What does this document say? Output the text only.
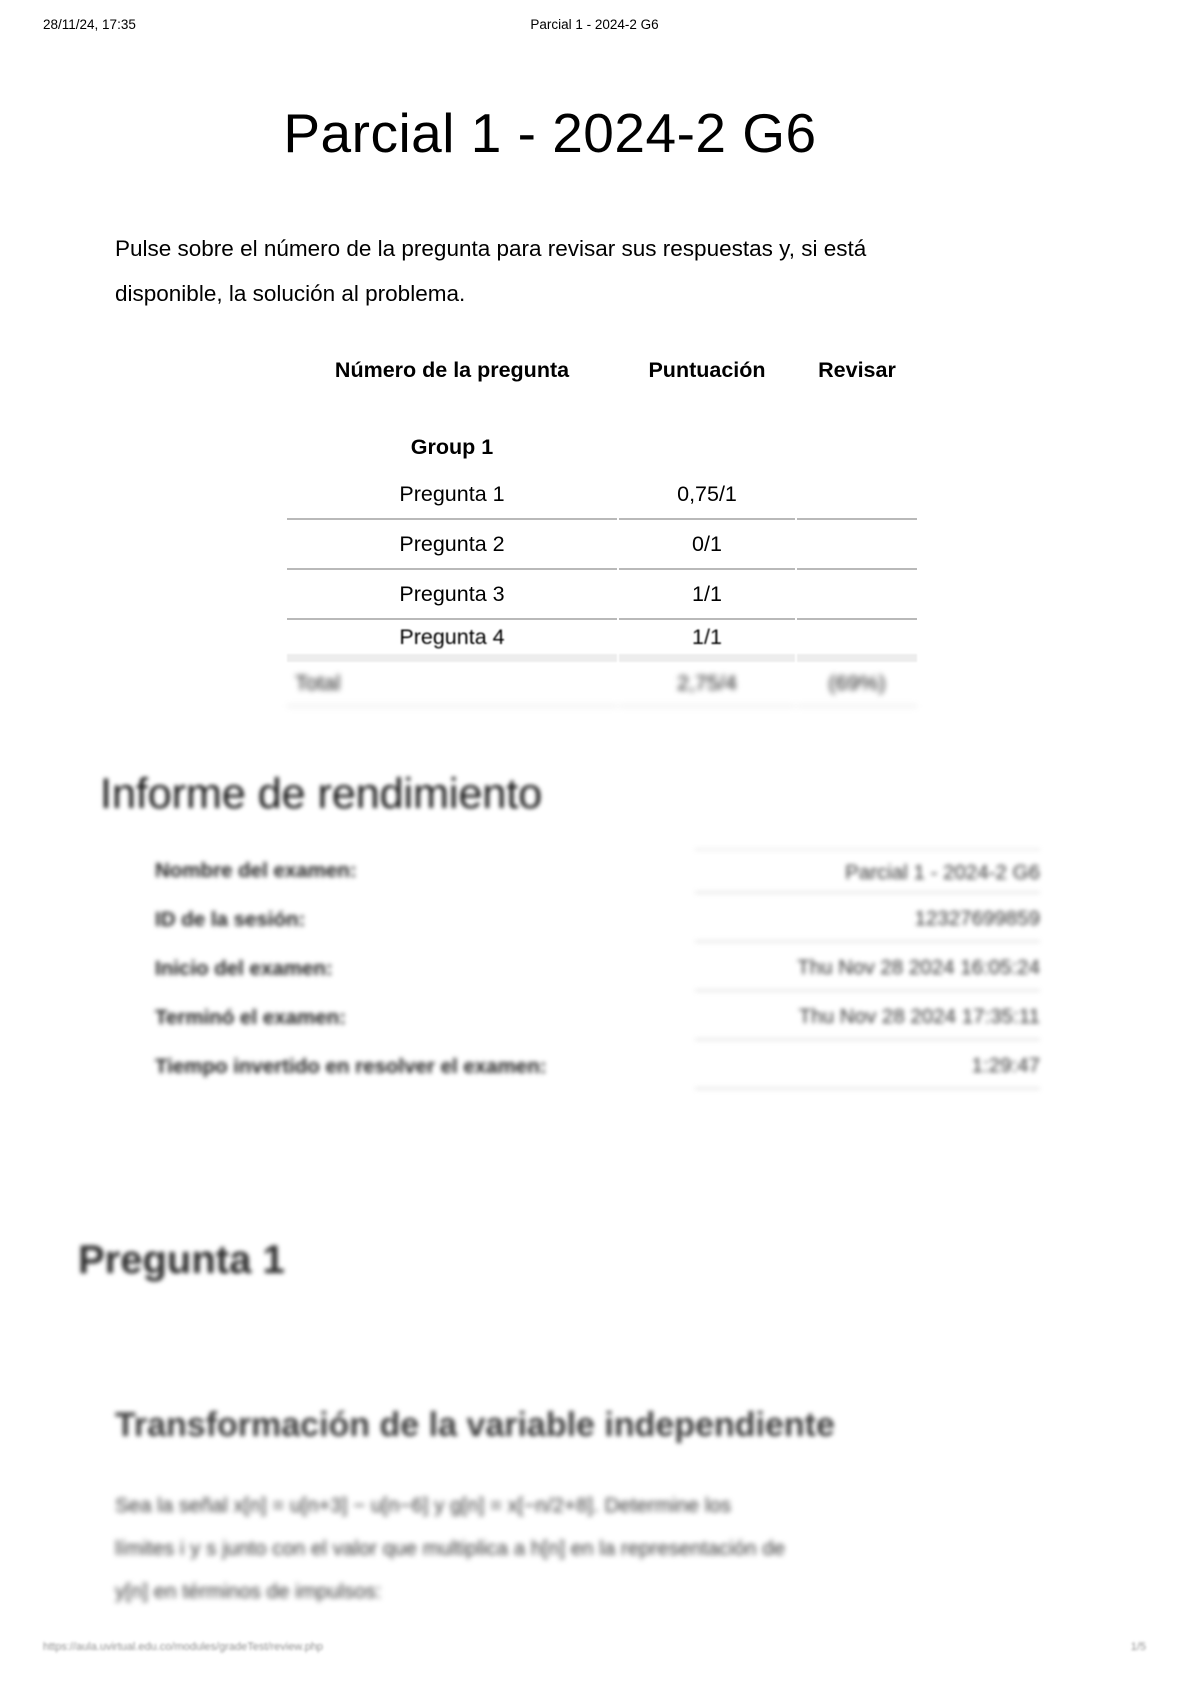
28/11/24, 17:35	Parcial 1 - 2024-2 G6
Parcial 1 - 2024-2 G6

Pulse sobre el número de la pregunta para revisar sus respuestas y, si está disponible, la solución al problema.

Número de la pregunta	Puntuación	Revisar
Group 1		
Pregunta 1	0,75/1	
Pregunta 2	0/1	
Pregunta 3	1/1	
Pregunta 4	1/1	
Total	2,75/4	(69%)
Informe de rendimiento
Nombre del examen:	Parcial 1 - 2024-2 G6
ID de la sesión:	12327699859
Inicio del examen:	Thu Nov 28 2024 16:05:24
Terminó el examen:	Thu Nov 28 2024 17:35:11
Tiempo invertido en resolver el examen:	1:29:47
Pregunta 1
Transformación de la variable independiente

Sea la señal x[n] = u[n+3] − u[n−6] y g[n] = x[−n/2+8]. Determine los
límites i y s junto con el valor que multiplica a h[n] en la representación de
y[n] en términos de impulsos:

https://aula.uvirtual.edu.co/modules/gradeTest/review.php	1/5
